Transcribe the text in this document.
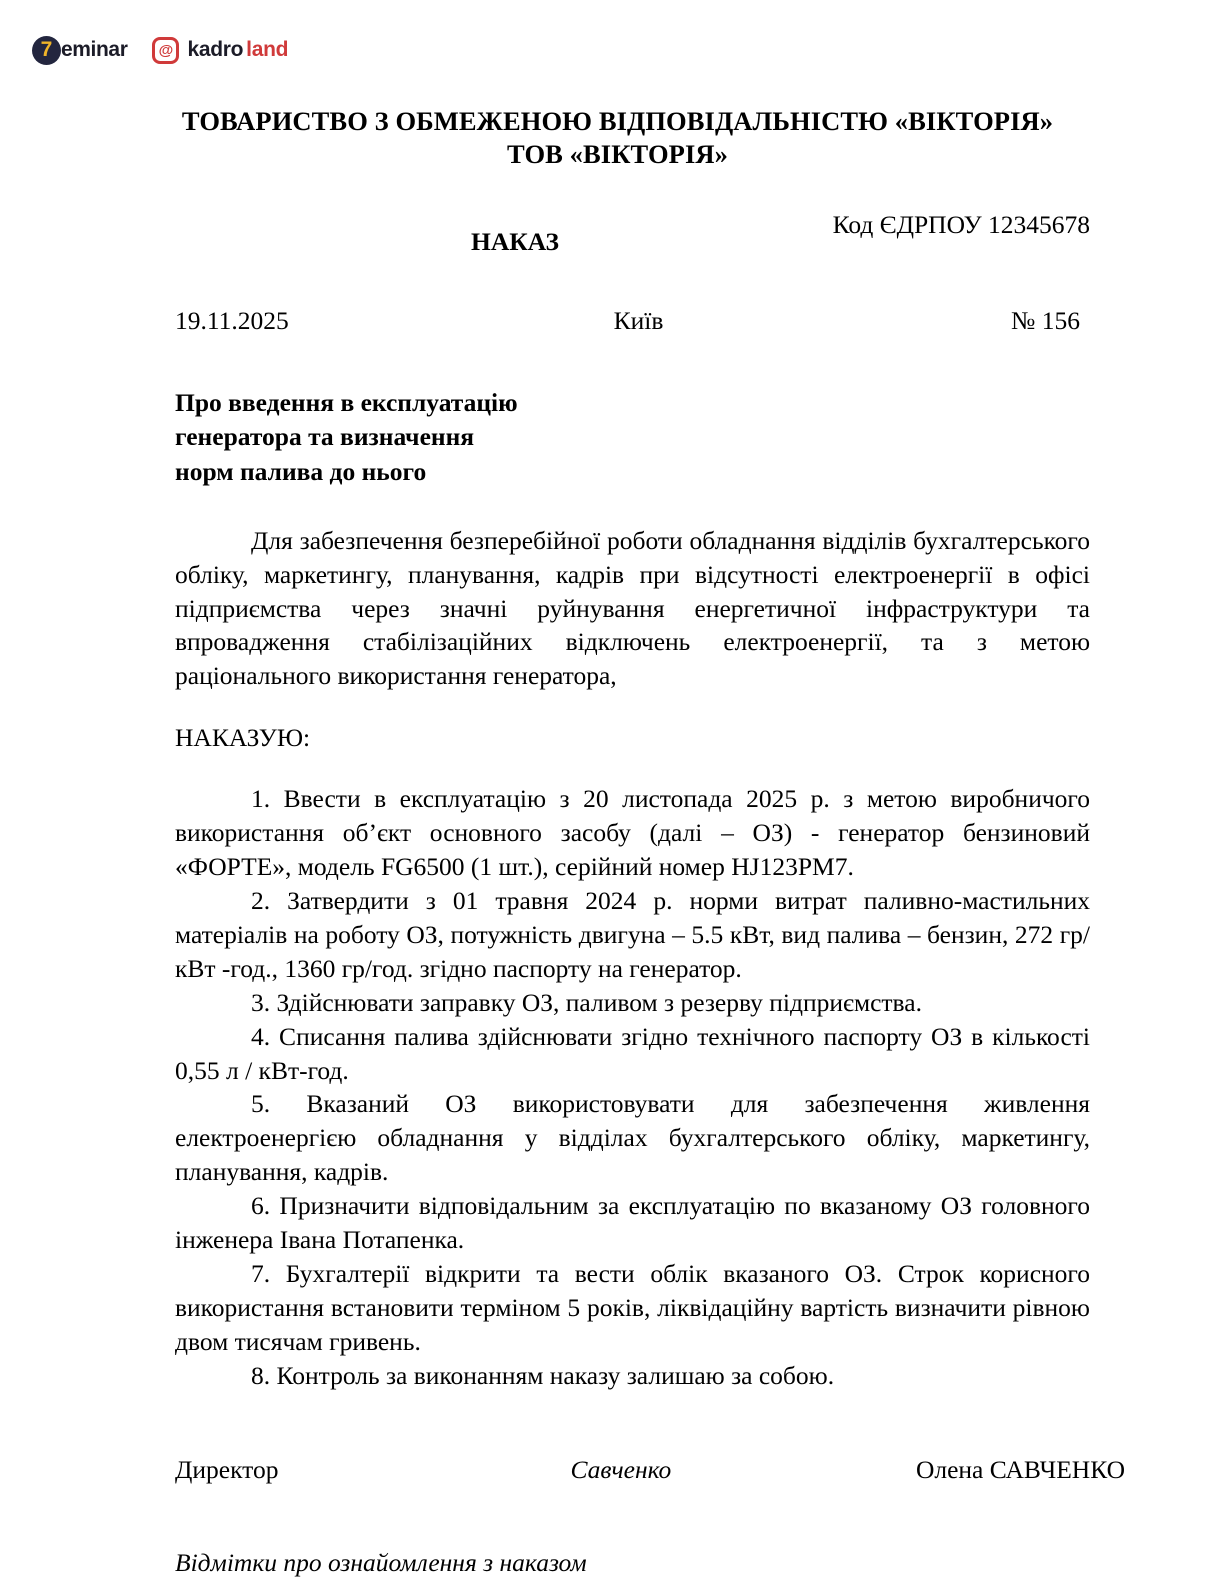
7 eminar @ kadro land
ТОВАРИСТВО З ОБМЕЖЕНОЮ ВІДПОВІДАЛЬНІСТЮ «ВІКТОРІЯ»
ТОВ «ВІКТОРІЯ»
Код ЄДРПОУ 12345678
НАКАЗ
19.11.2025	Київ	№ 156
Про введення в експлуатацію
генератора та визначення
норм палива до нього

Для забезпечення безперебійної роботи обладнання відділів бухгалтерського обліку, маркетингу, планування, кадрів при відсутності електроенергії в офісі підприємства через значні руйнування енергетичної інфраструктури та впровадження стабілізаційних відключень електроенергії, та з метою раціонального використання генератора,

НАКАЗУЮ:

1. Ввести в експлуатацію з 20 листопада 2025 р. з метою виробничого використання об’єкт основного засобу (далі – ОЗ) - генератор бензиновий «ФОРТЕ», модель FG6500 (1 шт.), серійний номер HJ123PM7.

2. Затвердити з 01 травня 2024 р. норми витрат паливно-мастильних матеріалів на роботу ОЗ, потужність двигуна – 5.5 кВт, вид палива – бензин, 272 гр/ кВт -год., 1360 гр/год. згідно паспорту на генератор.

3. Здійснювати заправку ОЗ, паливом з резерву підприємства.

4. Списання палива здійснювати згідно технічного паспорту ОЗ в кількості 0,55 л / кВт-год.

5. Вказаний ОЗ використовувати для забезпечення живлення електроенергією обладнання у відділах бухгалтерського обліку, маркетингу, планування, кадрів.

6. Призначити відповідальним за експлуатацію по вказаному ОЗ головного інженера Івана Потапенка.

7. Бухгалтерії відкрити та вести облік вказаного ОЗ. Строк корисного використання встановити терміном 5 років, ліквідаційну вартість визначити рівною двом тисячам гривень.

8. Контроль за виконанням наказу залишаю за собою.

Директор	Савченко	Олена САВЧЕНКО
Відмітки про ознайомлення з наказом
